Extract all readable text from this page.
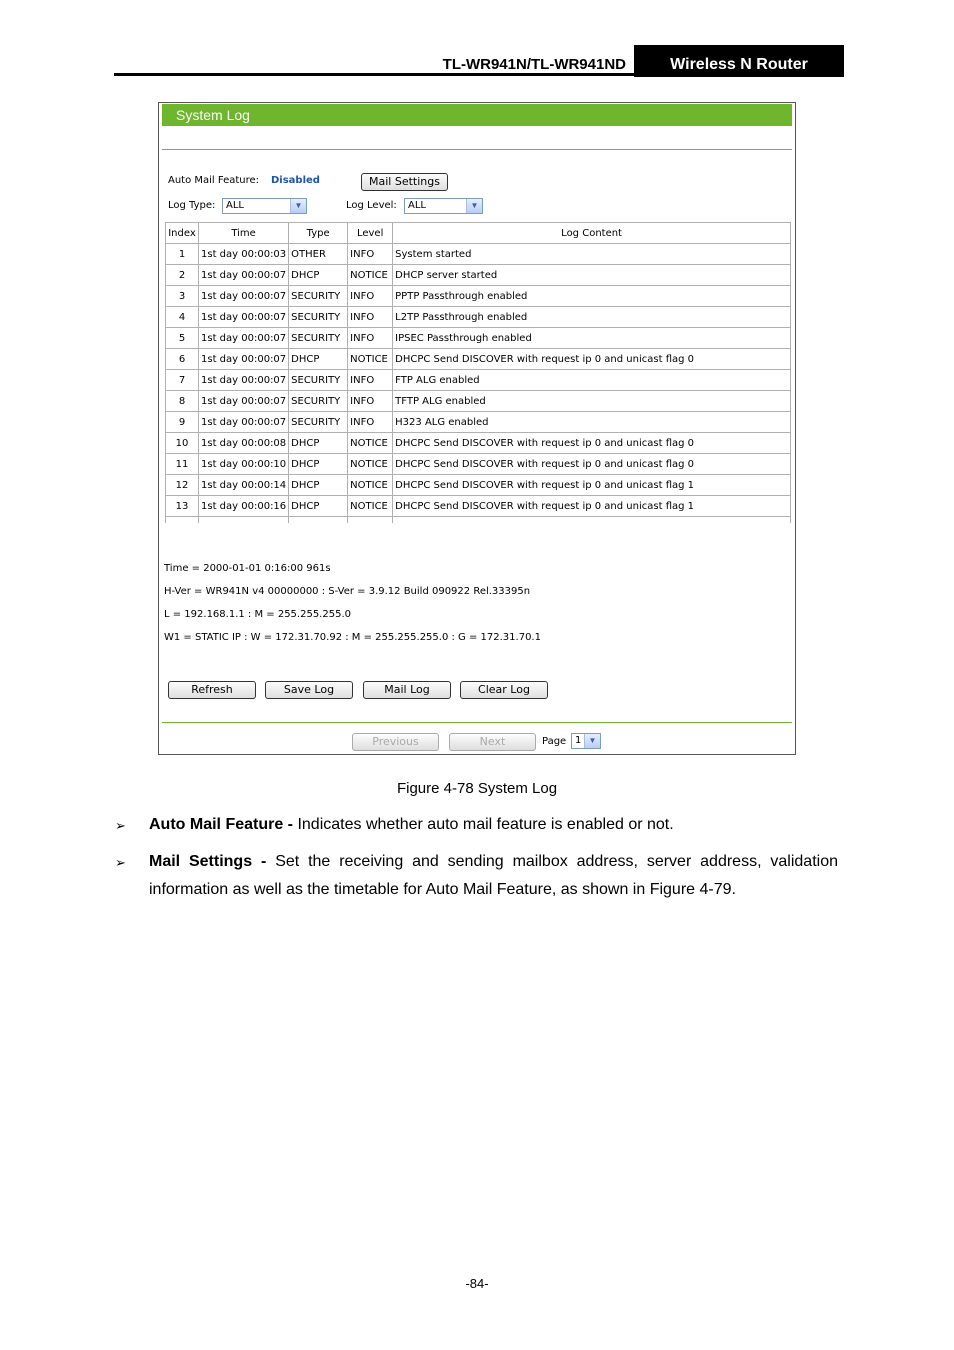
TL-WR941N/TL-WR941ND	Wireless N Router
System Log
Auto Mail Feature: Disabled	Mail Settings
Log Type: ALL	▼	Log Level: ALL	▼
Index	Time	Type	Level	Log Content
1	1st day 00:00:03	OTHER	INFO	System started
2	1st day 00:00:07	DHCP	NOTICE	DHCP server started
3	1st day 00:00:07	SECURITY	INFO	PPTP Passthrough enabled
4	1st day 00:00:07	SECURITY	INFO	L2TP Passthrough enabled
5	1st day 00:00:07	SECURITY	INFO	IPSEC Passthrough enabled
6	1st day 00:00:07	DHCP	NOTICE	DHCPC Send DISCOVER with request ip 0 and unicast flag 0
7	1st day 00:00:07	SECURITY	INFO	FTP ALG enabled
8	1st day 00:00:07	SECURITY	INFO	TFTP ALG enabled
9	1st day 00:00:07	SECURITY	INFO	H323 ALG enabled
10	1st day 00:00:08	DHCP	NOTICE	DHCPC Send DISCOVER with request ip 0 and unicast flag 0
11	1st day 00:00:10	DHCP	NOTICE	DHCPC Send DISCOVER with request ip 0 and unicast flag 0
12	1st day 00:00:14	DHCP	NOTICE	DHCPC Send DISCOVER with request ip 0 and unicast flag 1
13	1st day 00:00:16	DHCP	NOTICE	DHCPC Send DISCOVER with request ip 0 and unicast flag 1

Time = 2000-01-01 0:16:00 961s
H-Ver = WR941N v4 00000000 : S-Ver = 3.9.12 Build 090922 Rel.33395n
L = 192.168.1.1 : M = 255.255.255.0
W1 = STATIC IP : W = 172.31.70.92 : M = 255.255.255.0 : G = 172.31.70.1
Refresh	Save Log	Mail Log	Clear Log
Previous	Next	Page 1 ▼
Figure 4-78 System Log
➢ Auto Mail Feature - Indicates whether auto mail feature is enabled or not.
➢ Mail Settings - Set the receiving and sending mailbox address, server address, validation information as well as the timetable for Auto Mail Feature, as shown in Figure 4-79.
-84-
